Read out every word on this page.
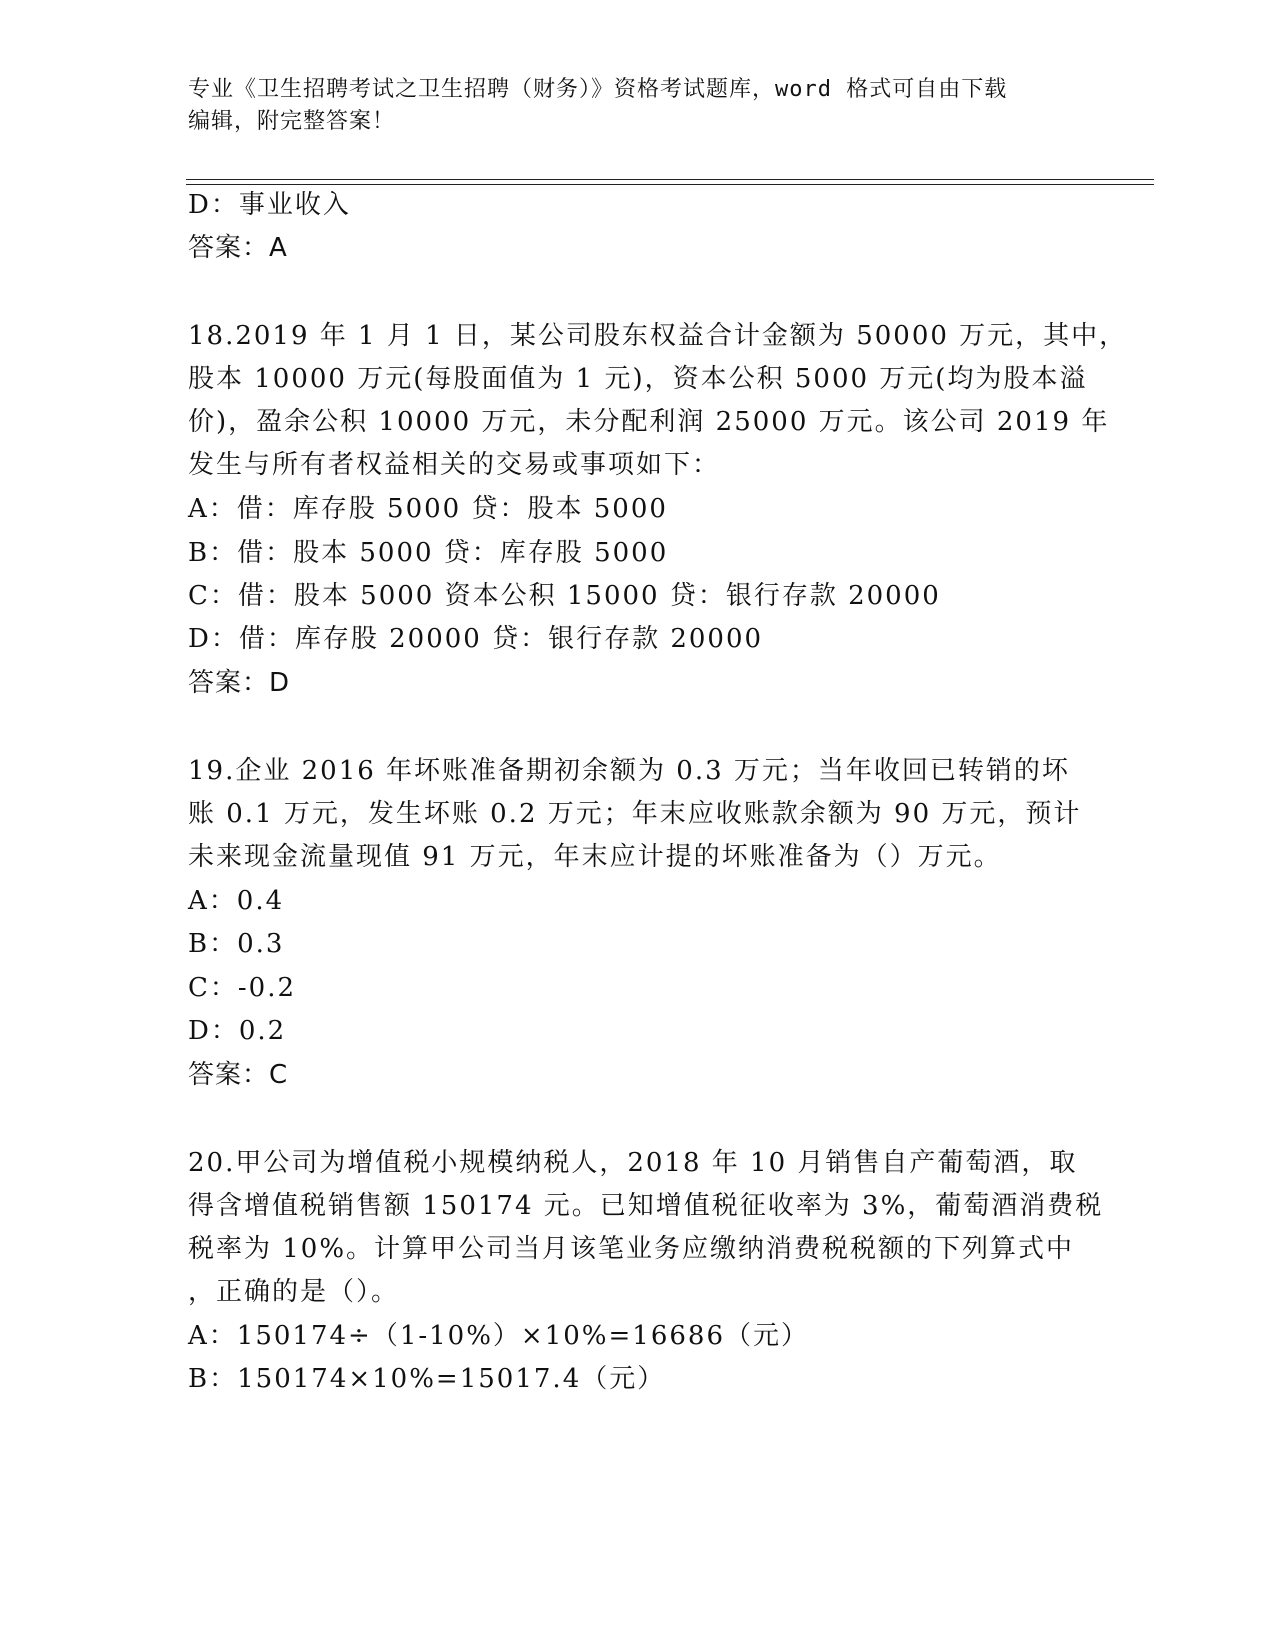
专业《卫生招聘考试之卫生招聘（财务）》资格考试题库，word 格式可自由下载
编辑，附完整答案！
D：事业收入
答案：A
18.2019 年 1 月 1 日，某公司股东权益合计金额为 50000 万元，其中，
股本 10000 万元(每股面值为 1 元)，资本公积 5000 万元(均为股本溢
价)，盈余公积 10000 万元，未分配利润 25000 万元。该公司 2019 年
发生与所有者权益相关的交易或事项如下：
A：借：库存股 5000 贷：股本 5000
B：借：股本 5000 贷：库存股 5000
C：借：股本 5000 资本公积 15000 贷：银行存款 20000
D：借：库存股 20000 贷：银行存款 20000
答案：D
19.企业 2016 年坏账准备期初余额为 0.3 万元；当年收回已转销的坏
账 0.1 万元，发生坏账 0.2 万元；年末应收账款余额为 90 万元，预计
未来现金流量现值 91 万元，年末应计提的坏账准备为（）万元。
A：0.4
B：0.3
C：-0.2
D：0.2
答案：C
20.甲公司为增值税小规模纳税人，2018 年 10 月销售自产葡萄酒，取
得含增值税销售额 150174 元。已知增值税征收率为 3%，葡萄酒消费税
税率为 10%。计算甲公司当月该笔业务应缴纳消费税税额的下列算式中
，正确的是（）。
A：150174÷（1-10%）×10%=16686（元）
B：150174×10%=15017.4（元）
